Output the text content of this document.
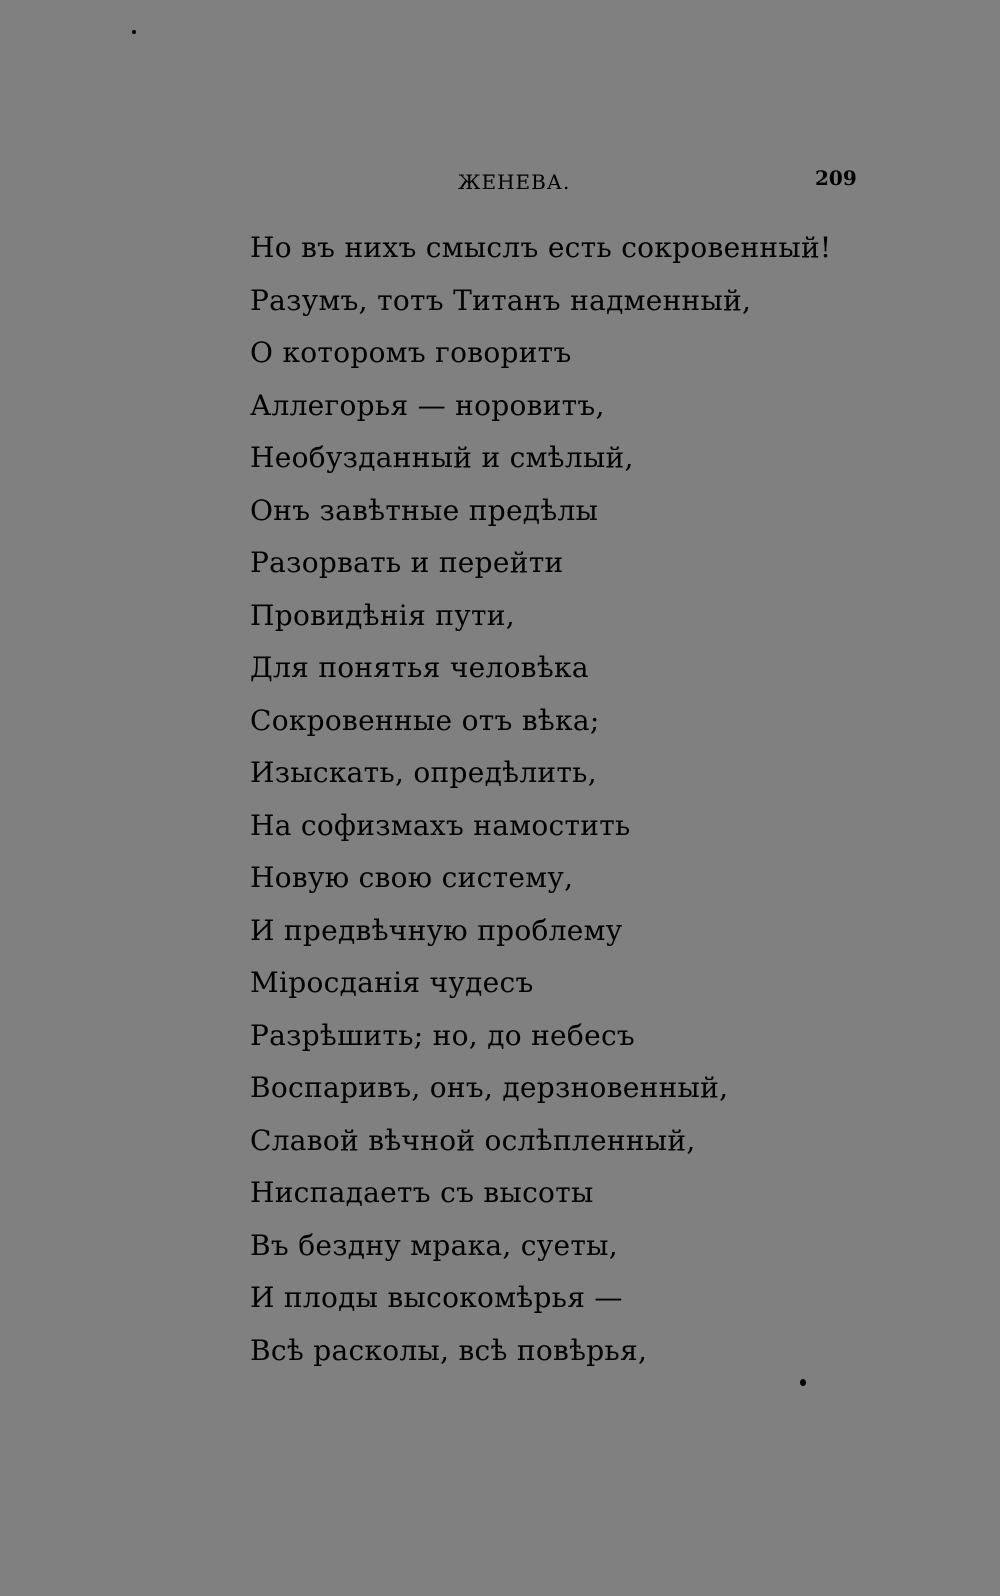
ЖЕНЕВА.	209
Но въ нихъ смыслъ есть сокровенный!
Разумъ, тотъ Титанъ надменный,
О которомъ говоритъ
Аллегорья — норовитъ,
Необузданный и смѣлый,
Онъ завѣтные предѣлы
Разорвать и перейти
Провидѣнія пути,
Для понятья человѣка
Сокровенные отъ вѣка;
Изыскать, опредѣлить,
На софизмахъ намостить
Новую свою систему,
И предвѣчную проблему
Міросданія чудесъ
Разрѣшить; но, до небесъ
Воспаривъ, онъ, дерзновенный,
Славой вѣчной ослѣпленный,
Ниспадаетъ съ высоты
Въ бездну мрака, суеты,
И плоды высокомѣрья —
Всѣ расколы, всѣ повѣрья,
